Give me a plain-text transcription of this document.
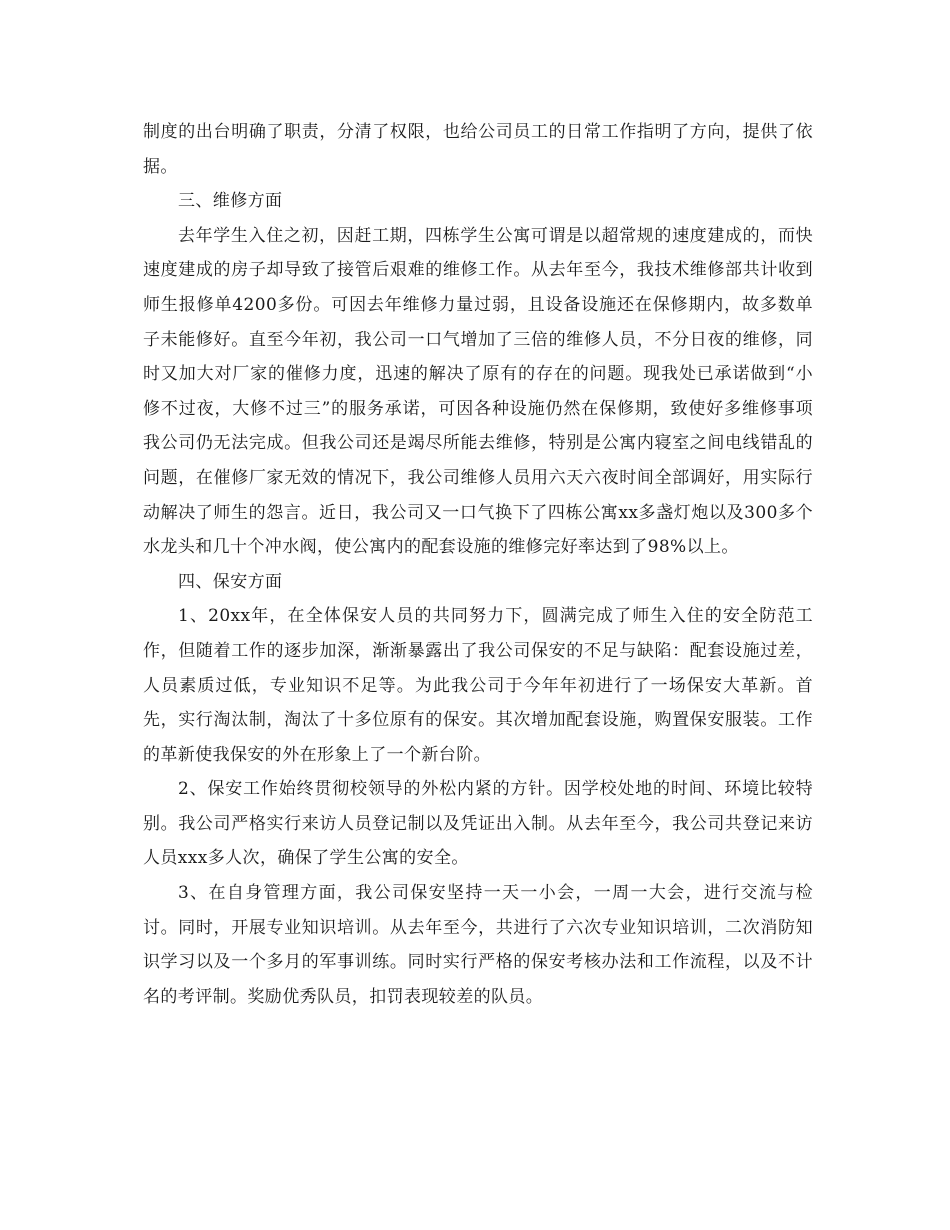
制度的出台明确了职责，分清了权限，也给公司员工的日常工作指明了方向，提供了依据。

三、维修方面

去年学生入住之初，因赶工期，四栋学生公寓可谓是以超常规的速度建成的，而快速度建成的房子却导致了接管后艰难的维修工作。从去年至今，我技术维修部共计收到师生报修单4200多份。可因去年维修力量过弱，且设备设施还在保修期内，故多数单子未能修好。直至今年初，我公司一口气增加了三倍的维修人员，不分日夜的维修，同时又加大对厂家的催修力度，迅速的解决了原有的存在的问题。现我处已承诺做到“小修不过夜，大修不过三”的服务承诺，可因各种设施仍然在保修期，致使好多维修事项我公司仍无法完成。但我公司还是竭尽所能去维修，特别是公寓内寝室之间电线错乱的问题，在催修厂家无效的情况下，我公司维修人员用六天六夜时间全部调好，用实际行动解决了师生的怨言。近日，我公司又一口气换下了四栋公寓xx多盏灯炮以及300多个水龙头和几十个冲水阀，使公寓内的配套设施的维修完好率达到了98%以上。

四、保安方面

1、20xx年，在全体保安人员的共同努力下，圆满完成了师生入住的安全防范工作，但随着工作的逐步加深，渐渐暴露出了我公司保安的不足与缺陷：配套设施过差，人员素质过低，专业知识不足等。为此我公司于今年年初进行了一场保安大革新。首先，实行淘汰制，淘汰了十多位原有的保安。其次增加配套设施，购置保安服装。工作的革新使我保安的外在形象上了一个新台阶。

2、保安工作始终贯彻校领导的外松内紧的方针。因学校处地的时间、环境比较特别。我公司严格实行来访人员登记制以及凭证出入制。从去年至今，我公司共登记来访人员xxx多人次，确保了学生公寓的安全。

3、在自身管理方面，我公司保安坚持一天一小会，一周一大会，进行交流与检讨。同时，开展专业知识培训。从去年至今，共进行了六次专业知识培训，二次消防知识学习以及一个多月的军事训练。同时实行严格的保安考核办法和工作流程，以及不计名的考评制。奖励优秀队员，扣罚表现较差的队员。
